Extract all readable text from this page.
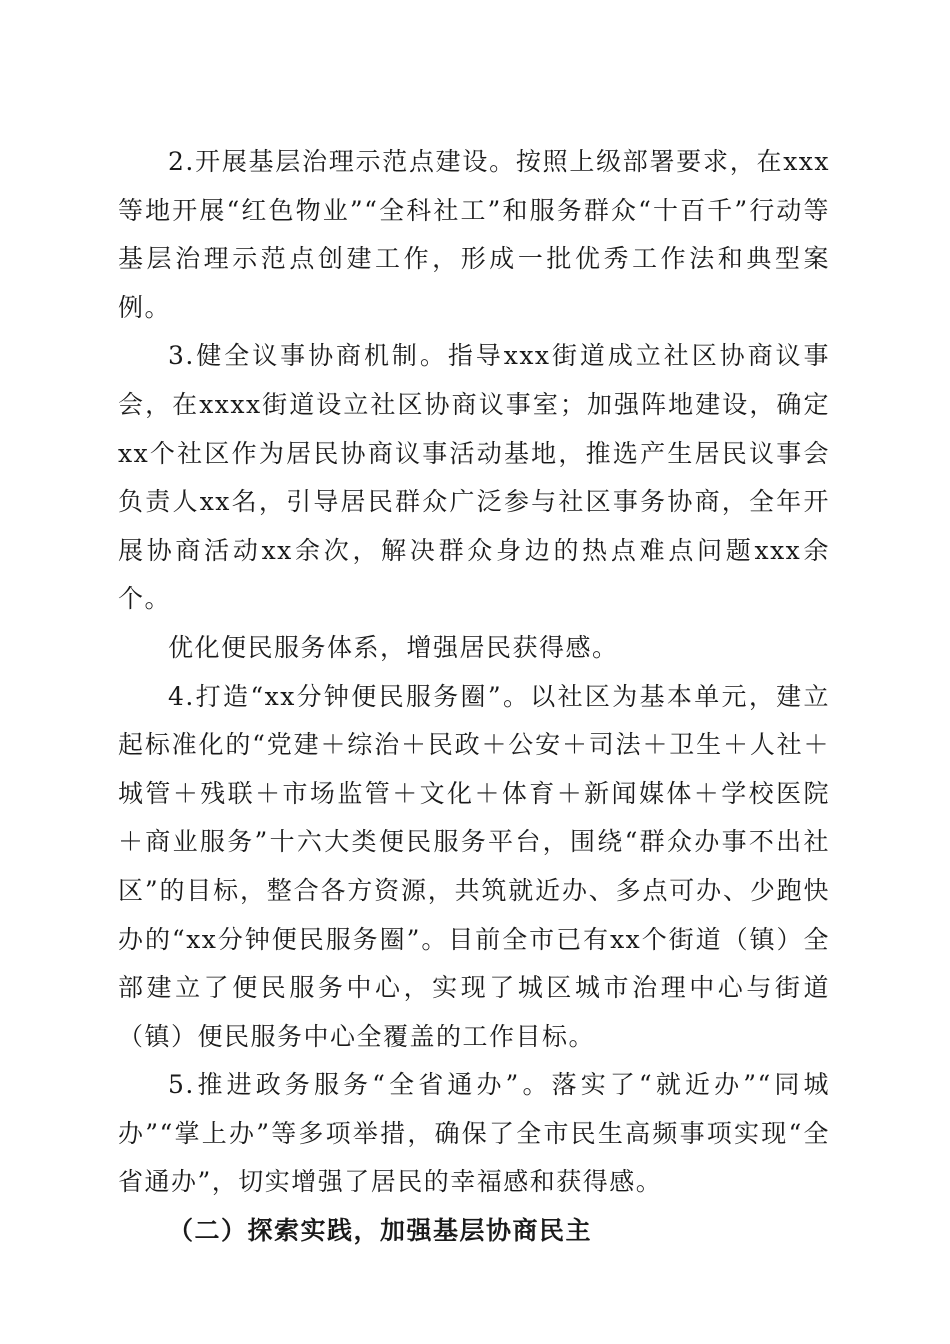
2.开展基层治理示范点建设。按照上级部署要求，在xxx等地开展“红色物业”“全科社工”和服务群众“十百千”行动等基层治理示范点创建工作，形成一批优秀工作法和典型案例。

3.健全议事协商机制。指导xxx街道成立社区协商议事会，在xxxx街道设立社区协商议事室；加强阵地建设，确定xx个社区作为居民协商议事活动基地，推选产生居民议事会负责人xx名，引导居民群众广泛参与社区事务协商，全年开展协商活动xx余次，解决群众身边的热点难点问题xxx余个。

优化便民服务体系，增强居民获得感。

4.打造“xx分钟便民服务圈”。以社区为基本单元，建立起标准化的“党建＋综治＋民政＋公安＋司法＋卫生＋人社＋城管＋残联＋市场监管＋文化＋体育＋新闻媒体＋学校医院＋商业服务”十六大类便民服务平台，围绕“群众办事不出社区”的目标，整合各方资源，共筑就近办、多点可办、少跑快办的“xx分钟便民服务圈”。目前全市已有xx个街道（镇）全部建立了便民服务中心，实现了城区城市治理中心与街道（镇）便民服务中心全覆盖的工作目标。

5.推进政务服务“全省通办”。落实了“就近办”“同城办”“掌上办”等多项举措，确保了全市民生高频事项实现“全省通办”，切实增强了居民的幸福感和获得感。

（二）探索实践，加强基层协商民主
